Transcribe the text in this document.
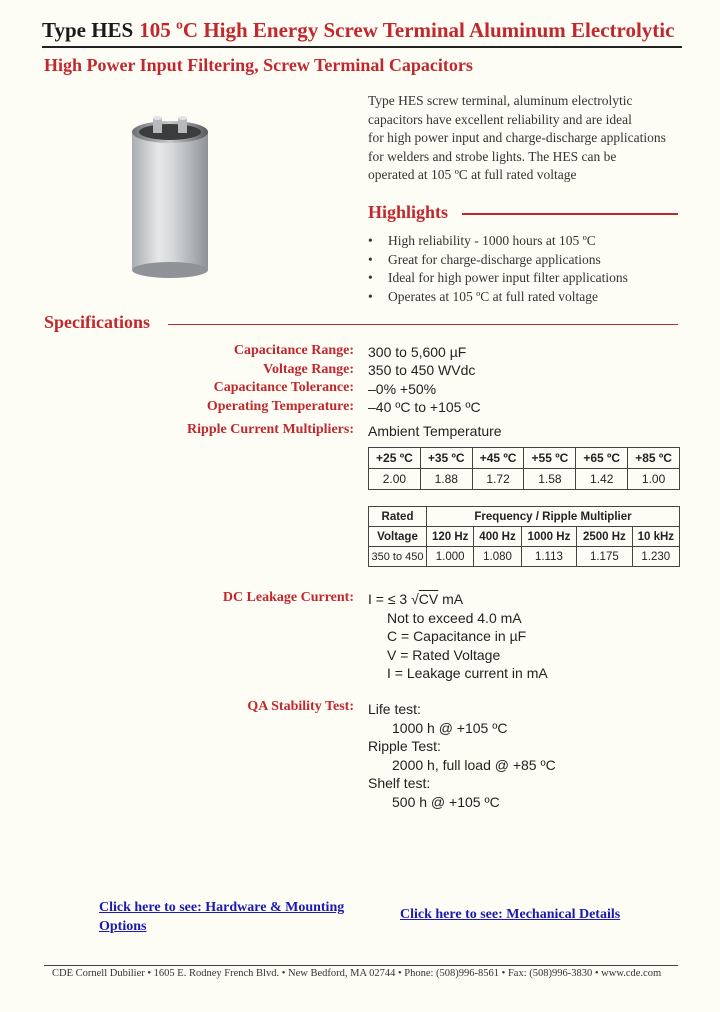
Type HES 105 ºC High Energy Screw Terminal Aluminum Electrolytic
High Power Input Filtering, Screw Terminal Capacitors
Type HES screw terminal, aluminum electrolytic
capacitors have excellent reliability and are ideal
for high power input and charge-discharge applications
for welders and strobe lights. The HES can be
operated at 105 ºC at full rated voltage
Highlights
• High reliability - 1000 hours at 105 ºC
• Great for charge-discharge applications
• Ideal for high power input filter applications
• Operates at 105 ºC at full rated voltage
Specifications
Capacitance Range: 300 to 5,600 µF
Voltage Range: 350 to 450 WVdc
Capacitance Tolerance: –0% +50%
Operating Temperature: –40 ºC to +105 ºC
Ripple Current Multipliers: Ambient Temperature
+25 ºC	+35 ºC	+45 ºC	+55 ºC	+65 ºC	+85 ºC
2.00	1.88	1.72	1.58	1.42	1.00
Rated	Frequency / Ripple Multiplier				
Voltage	120 Hz	400 Hz	1000 Hz	2500 Hz	10 kHz
350 to 450	1.000	1.080	1.113	1.175	1.230
DC Leakage Current: I = ≤ 3 √CV mA
Not to exceed 4.0 mA
C = Capacitance in µF
V = Rated Voltage
I = Leakage current in mA
QA Stability Test: Life test:
1000 h @ +105 ºC
Ripple Test:
2000 h, full load @ +85 ºC
Shelf test:
500 h @ +105 ºC
Click here to see: Hardware & Mounting Options
Click here to see: Mechanical Details
CDE Cornell Dubilier • 1605 E. Rodney French Blvd. • New Bedford, MA 02744 • Phone: (508)996-8561 • Fax: (508)996-3830 • www.cde.com
